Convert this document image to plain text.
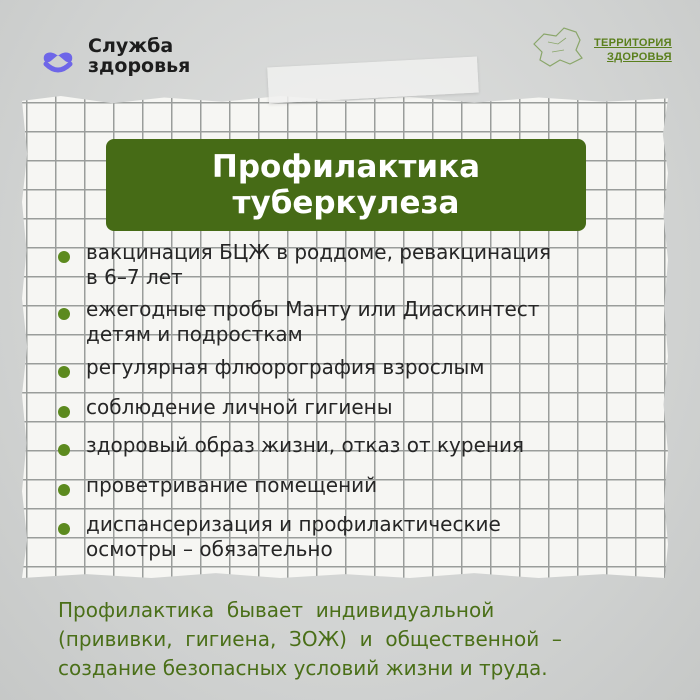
Служба
здоровья
ТЕРРИТОРИЯ
ЗДОРОВЬЯ
Профилактика
туберкулеза
вакцинация БЦЖ в роддоме, ревакцинация
в 6–7 лет
ежегодные пробы Манту или Диаскинтест
детям и подросткам
регулярная флюорография взрослым
соблюдение личной гигиены
здоровый образ жизни, отказ от курения
проветривание помещений
диспансеризация и профилактические
осмотры – обязательно
Профилактика  бывает  индивидуальной
(прививки,  гигиена,  ЗОЖ)  и  общественной  –
создание безопасных условий жизни и труда.
